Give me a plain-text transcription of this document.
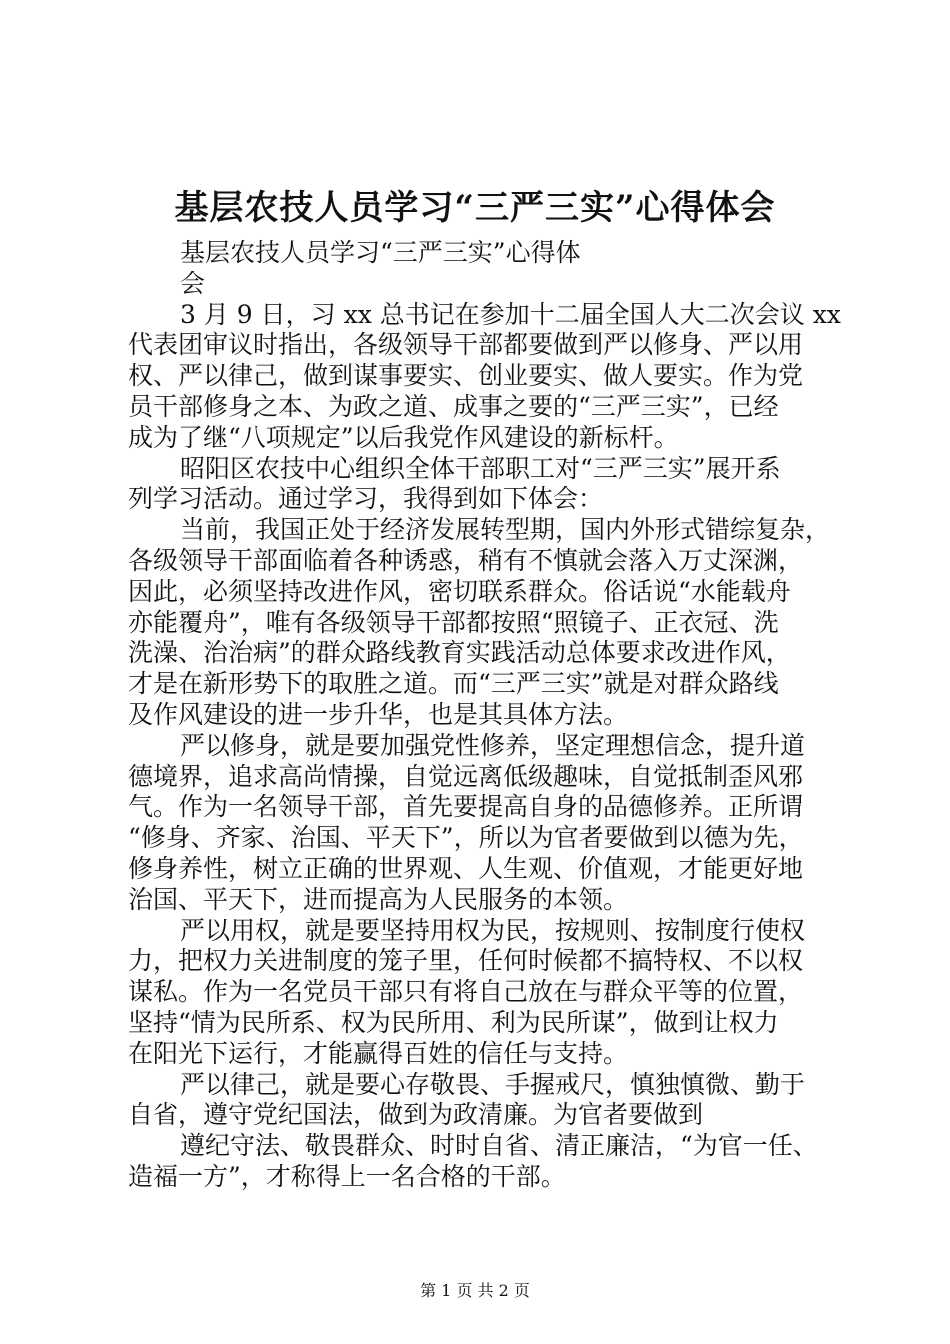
基层农技人员学习“三严三实”心得体会
基层农技人员学习“三严三实”心得体
会
3 月 9 日，习 xx 总书记在参加十二届全国人大二次会议 xx
代表团审议时指出，各级领导干部都要做到严以修身、严以用
权、严以律己，做到谋事要实、创业要实、做人要实。作为党
员干部修身之本、为政之道、成事之要的“三严三实”，已经
成为了继“八项规定”以后我党作风建设的新标杆。
昭阳区农技中心组织全体干部职工对“三严三实”展开系
列学习活动。通过学习，我得到如下体会：
当前，我国正处于经济发展转型期，国内外形式错综复杂，
各级领导干部面临着各种诱惑，稍有不慎就会落入万丈深渊，
因此，必须坚持改进作风，密切联系群众。俗话说“水能载舟
亦能覆舟”，唯有各级领导干部都按照“照镜子、正衣冠、洗
洗澡、治治病”的群众路线教育实践活动总体要求改进作风，
才是在新形势下的取胜之道。而“三严三实”就是对群众路线
及作风建设的进一步升华，也是其具体方法。
严以修身，就是要加强党性修养，坚定理想信念，提升道
德境界，追求高尚情操，自觉远离低级趣味，自觉抵制歪风邪
气。作为一名领导干部，首先要提高自身的品德修养。正所谓
“修身、齐家、治国、平天下”，所以为官者要做到以德为先，
修身养性，树立正确的世界观、人生观、价值观，才能更好地
治国、平天下，进而提高为人民服务的本领。
严以用权，就是要坚持用权为民，按规则、按制度行使权
力，把权力关进制度的笼子里，任何时候都不搞特权、不以权
谋私。作为一名党员干部只有将自己放在与群众平等的位置，
坚持“情为民所系、权为民所用、利为民所谋”，做到让权力
在阳光下运行，才能赢得百姓的信任与支持。
严以律己，就是要心存敬畏、手握戒尺，慎独慎微、勤于
自省，遵守党纪国法，做到为政清廉。为官者要做到
遵纪守法、敬畏群众、时时自省、清正廉洁，“为官一任、
造福一方”，才称得上一名合格的干部。
第 1 页 共 2 页
